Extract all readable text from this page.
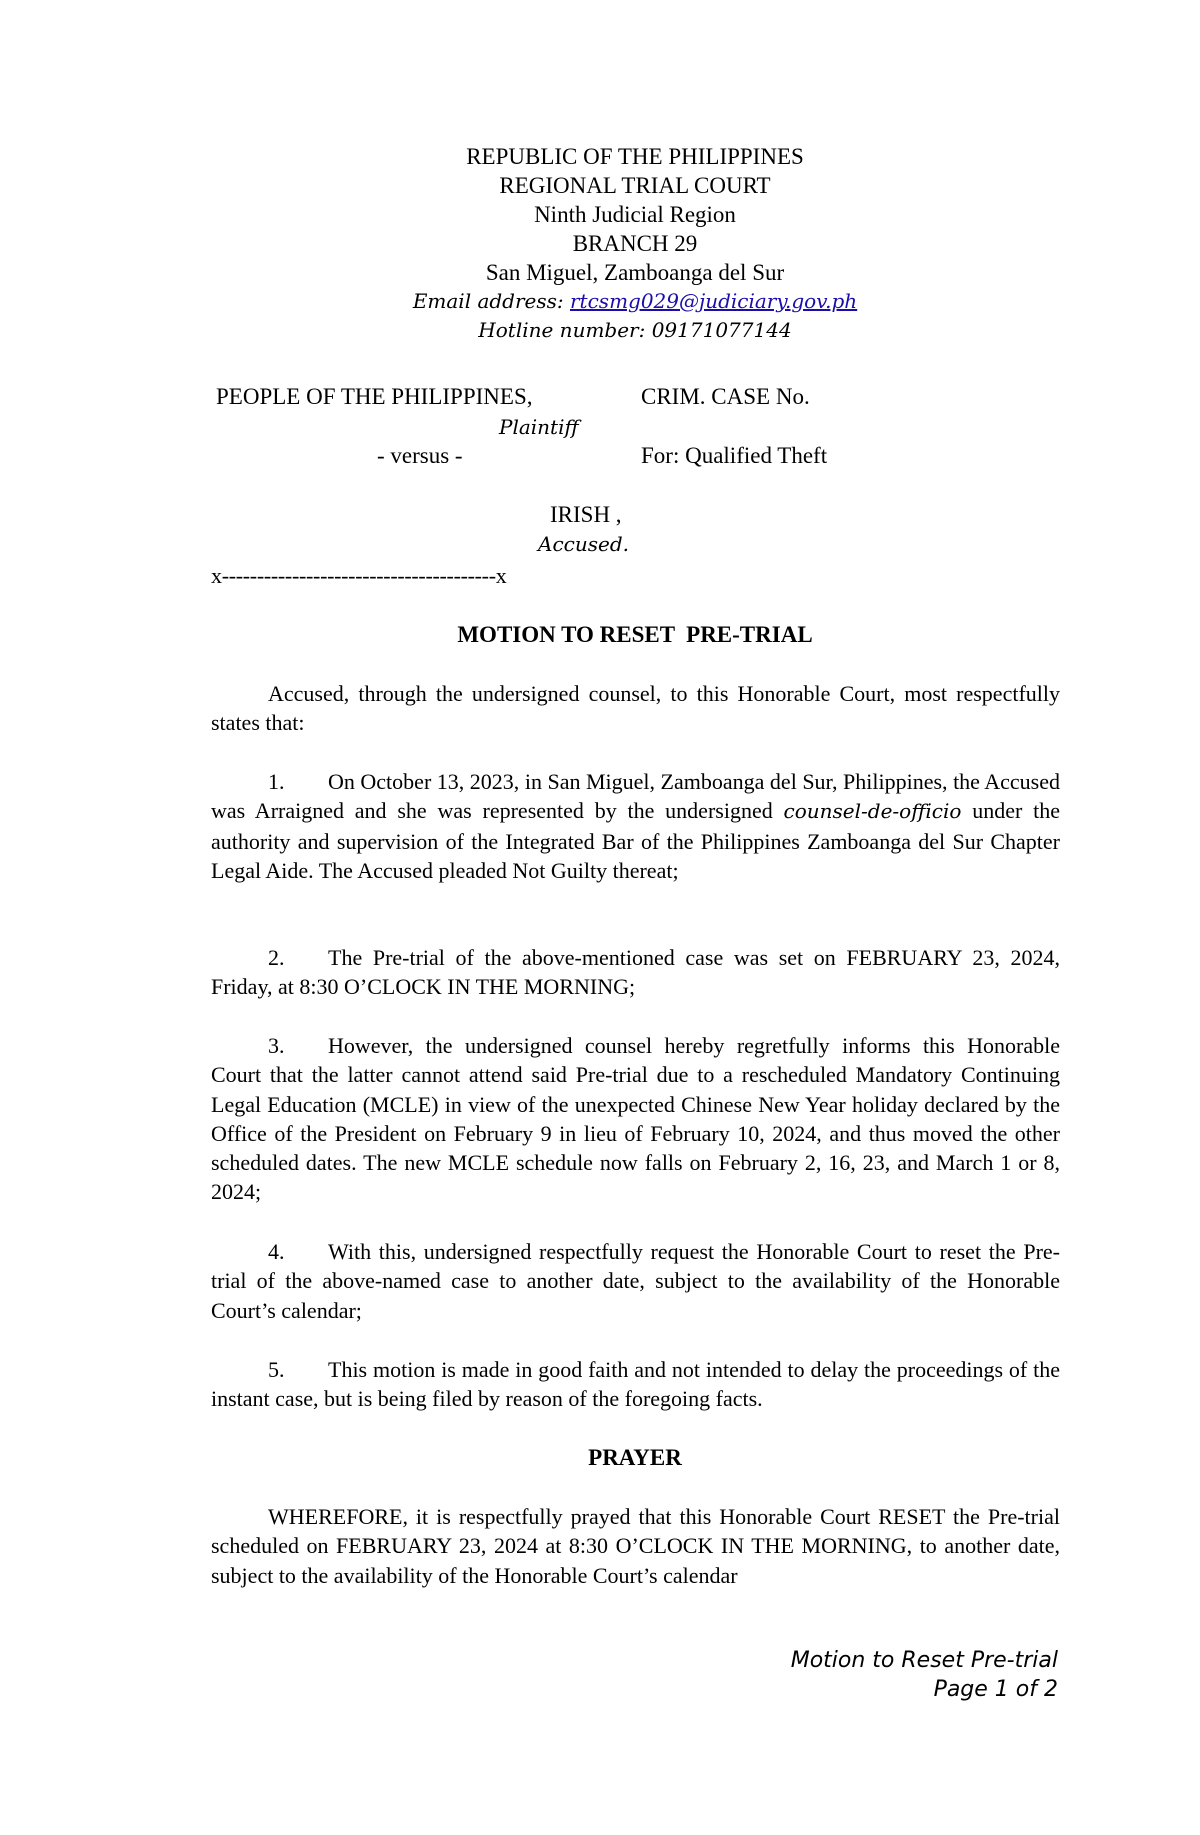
REPUBLIC OF THE PHILIPPINES
REGIONAL TRIAL COURT
Ninth Judicial Region
BRANCH 29
San Miguel, Zamboanga del Sur
Email address: rtcsmg029@judiciary.gov.ph
Hotline number: 09171077144
PEOPLE OF THE PHILIPPINES,
Plaintiff
- versus -
CRIM. CASE No.
For: Qualified Theft
IRISH ,
Accused.
x---------------------------------------x
MOTION TO RESET  PRE-TRIAL
Accused, through the undersigned counsel, to this Honorable Court, most respectfully states that:
1. On October 13, 2023, in San Miguel, Zamboanga del Sur, Philippines, the Accused was Arraigned and she was represented by the undersigned counsel-de-officio under the authority and supervision of the Integrated Bar of the Philippines Zamboanga del Sur Chapter Legal Aide. The Accused pleaded Not Guilty thereat;
2. The Pre-trial of the above-mentioned case was set on FEBRUARY 23, 2024, Friday, at 8:30 O’CLOCK IN THE MORNING;
3. However, the undersigned counsel hereby regretfully informs this Honorable Court that the latter cannot attend said Pre-trial due to a rescheduled Mandatory Continuing Legal Education (MCLE) in view of the unexpected Chinese New Year holiday declared by the Office of the President on February 9 in lieu of February 10, 2024, and thus moved the other scheduled dates. The new MCLE schedule now falls on February 2, 16, 23, and March 1 or 8, 2024;
4. With this, undersigned respectfully request the Honorable Court to reset the Pre-trial of the above-named case to another date, subject to the availability of the Honorable Court’s calendar;
5. This motion is made in good faith and not intended to delay the proceedings of the instant case, but is being filed by reason of the foregoing facts.
PRAYER
WHEREFORE, it is respectfully prayed that this Honorable Court RESET the Pre-trial scheduled on FEBRUARY 23, 2024 at 8:30 O’CLOCK IN THE MORNING, to another date, subject to the availability of the Honorable Court’s calendar
Motion to Reset Pre-trial
Page 1 of 2
